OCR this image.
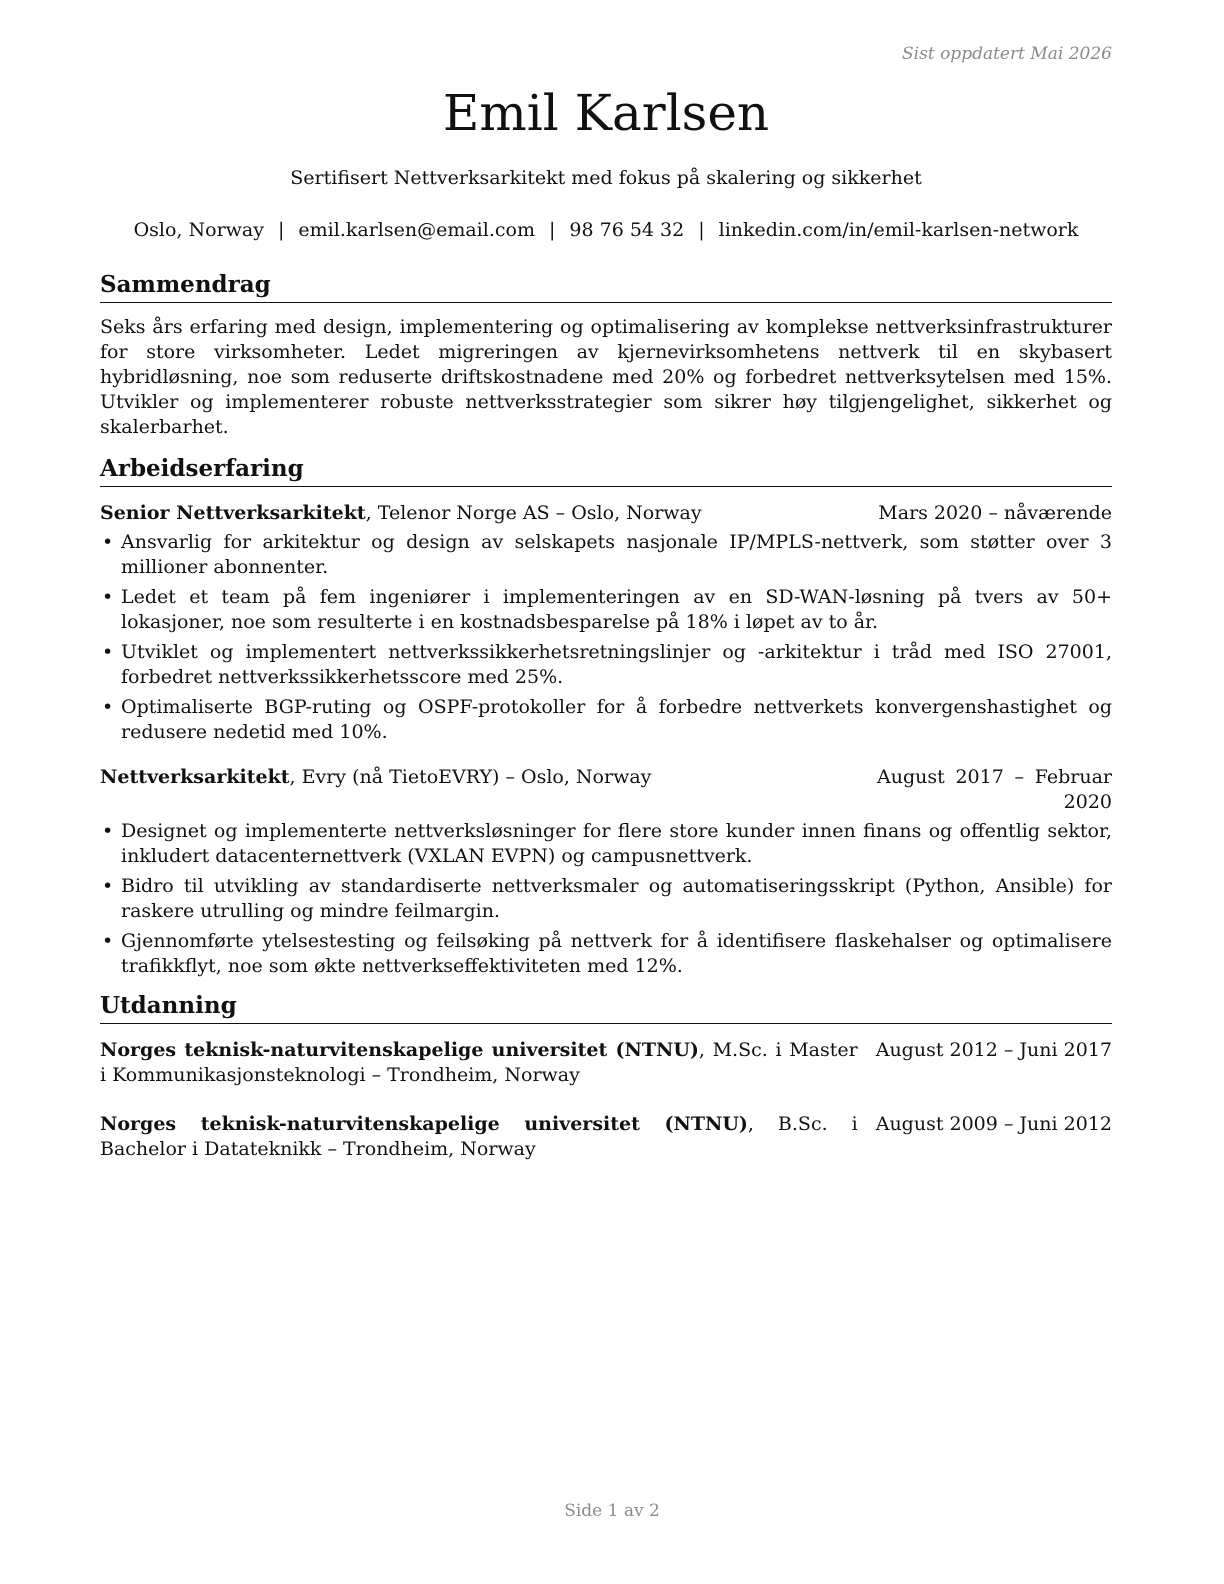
Sist oppdatert Mai 2026
Emil Karlsen
Sertifisert Nettverksarkitekt med fokus på skalering og sikkerhet
Oslo, Norway | emil.karlsen@email.com | 98 76 54 32 | linkedin.com/in/emil-karlsen-network
Sammendrag
Seks års erfaring med design, implementering og optimalisering av komplekse nettverksinfrastrukturer for store virksomheter. Ledet migreringen av kjernevirksomhetens nettverk til en skybasert hybridløsning, noe som reduserte driftskostnadene med 20% og forbedret nettverksytelsen med 15%. Utvikler og implementerer robuste nettverksstrategier som sikrer høy tilgjengelighet, sikkerhet og skalerbarhet.
Arbeidserfaring
Senior Nettverksarkitekt, Telenor Norge AS – Oslo, Norway	Mars 2020 – nåværende
• Ansvarlig for arkitektur og design av selskapets nasjonale IP/MPLS-nettverk, som støtter over 3 millioner abonnenter.
• Ledet et team på fem ingeniører i implementeringen av en SD-WAN-løsning på tvers av 50+ lokasjoner, noe som resulterte i en kostnadsbesparelse på 18% i løpet av to år.
• Utviklet og implementert nettverkssikkerhetsretningslinjer og -arkitektur i tråd med ISO 27001, forbedret nettverkssikkerhetsscore med 25%.
• Optimaliserte BGP-ruting og OSPF-protokoller for å forbedre nettverkets konvergenshastighet og redusere nedetid med 10%.
Nettverksarkitekt, Evry (nå TietoEVRY) – Oslo, Norway	August 2017 – Februar 2020
• Designet og implementerte nettverksløsninger for flere store kunder innen finans og offentlig sektor, inkludert datacenternettverk (VXLAN EVPN) og campusnettverk.
• Bidro til utvikling av standardiserte nettverksmaler og automatiseringsskript (Python, Ansible) for raskere utrulling og mindre feilmargin.
• Gjennomførte ytelsestesting og feilsøking på nettverk for å identifisere flaskehalser og optimalisere trafikkflyt, noe som økte nettverkseffektiviteten med 12%.
Utdanning
Norges teknisk-naturvitenskapelige universitet (NTNU), M.Sc. i Master i Kommunikasjonsteknologi – Trondheim, Norway
August 2012 – Juni 2017
Norges teknisk-naturvitenskapelige universitet (NTNU), B.Sc. i Bachelor i Datateknikk – Trondheim, Norway
August 2009 – Juni 2012
Side 1 av 2
